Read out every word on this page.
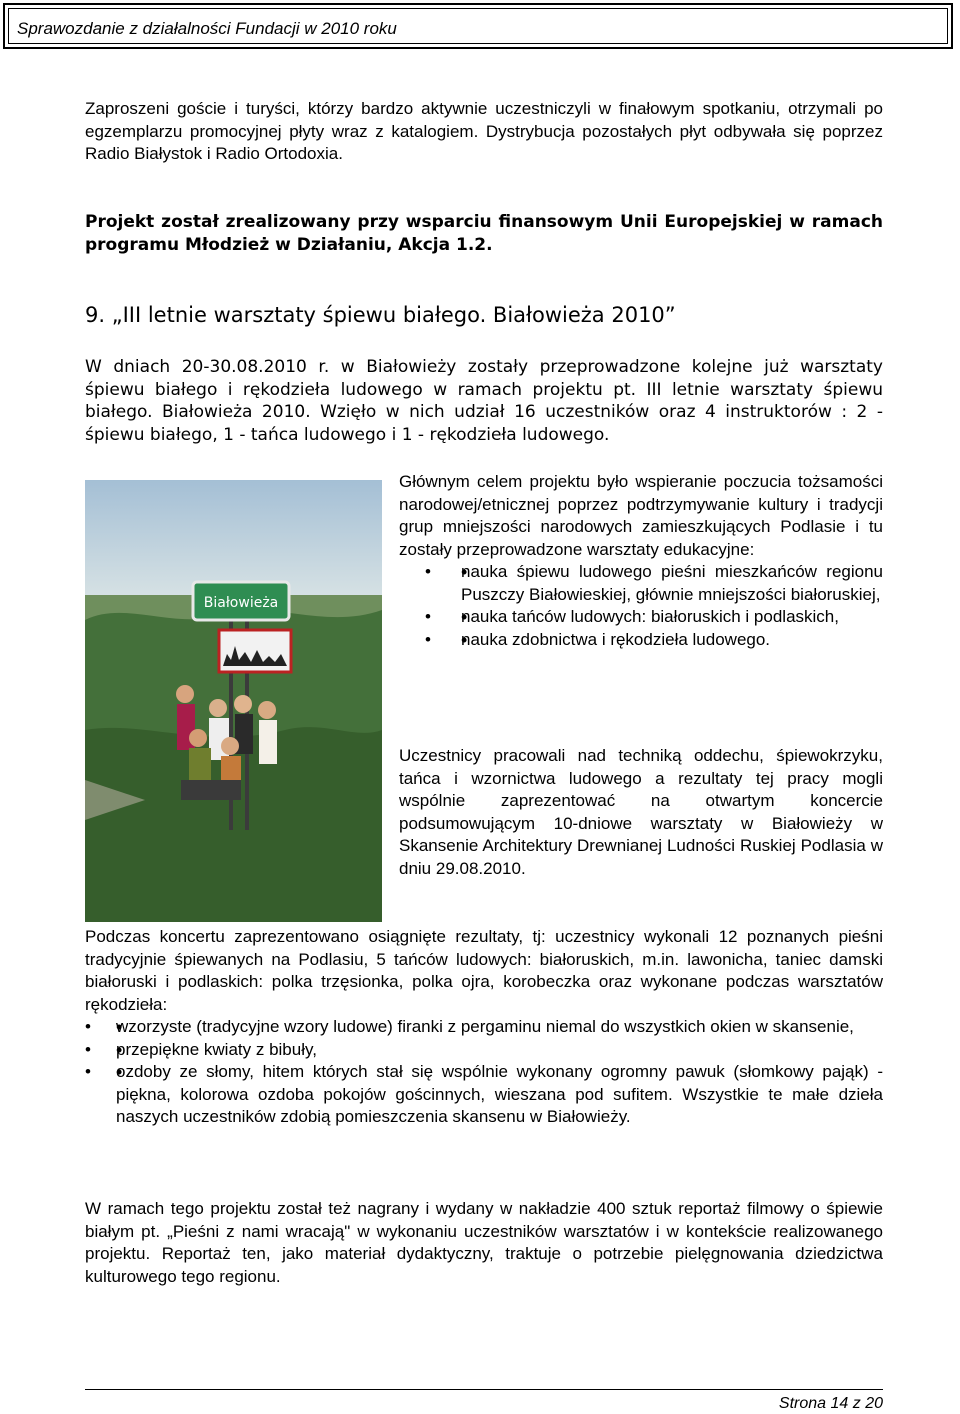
Sprawozdanie z działalności Fundacji w 2010 roku

Zaproszeni goście i turyści, którzy bardzo aktywnie uczestniczyli w finałowym spotkaniu, otrzymali po egzemplarzu promocyjnej płyty wraz z katalogiem. Dystrybucja pozostałych płyt odbywała się poprzez Radio Białystok i Radio Ortodoxia.

Projekt został zrealizowany przy wsparciu finansowym Unii Europejskiej w ramach programu Młodzież w Działaniu, Akcja 1.2.

9. „III letnie warsztaty śpiewu białego. Białowieża 2010”

W dniach 20-30.08.2010 r. w Białowieży zostały przeprowadzone kolejne już warsztaty śpiewu białego i rękodzieła ludowego w ramach projektu pt. III letnie warsztaty śpiewu białego. Białowieża 2010. Wzięło w nich udział 16 uczestników oraz 4 instruktorów : 2 - śpiewu białego, 1 - tańca ludowego i 1 - rękodzieła ludowego.

Białowieża

Głównym celem projektu było wspieranie poczucia tożsamości narodowej/etnicznej poprzez podtrzymywanie kultury i tradycji grup mniejszości narodowych zamieszkujących Podlasie i tu zostały przeprowadzone warsztaty edukacyjne:

• • nauka śpiewu ludowego pieśni mieszkańców regionu Puszczy Białowieskiej, głównie mniejszości białoruskiej,
• • nauka tańców ludowych: białoruskich i podlaskich,
• • nauka zdobnictwa i rękodzieła ludowego.

Uczestnicy pracowali nad techniką oddechu, śpiewokrzyku, tańca i wzornictwa ludowego a rezultaty tej pracy mogli wspólnie zaprezentować na otwartym koncercie podsumowującym 10-dniowe warsztaty w Białowieży w Skansenie Architektury Drewnianej Ludności Ruskiej Podlasia w dniu 29.08.2010.

Podczas koncertu zaprezentowano osiągnięte rezultaty, tj: uczestnicy wykonali 12 poznanych pieśni tradycyjnie śpiewanych na Podlasiu, 5 tańców ludowych: białoruskich, m.in. lawonicha, taniec damski białoruski i podlaskich: polka trzęsionka, polka ojra, korobeczka oraz wykonane podczas warsztatów rękodzieła:

• • wzorzyste (tradycyjne wzory ludowe) firanki z pergaminu niemal do wszystkich okien w skansenie,
• • przepiękne kwiaty z bibuły,
• • ozdoby ze słomy, hitem których stał się wspólnie wykonany ogromny pawuk (słomkowy pająk) - piękna, kolorowa ozdoba pokojów gościnnych, wieszana pod sufitem. Wszystkie te małe dzieła naszych uczestników zdobią pomieszczenia skansenu w Białowieży.

W ramach tego projektu został też nagrany i wydany w nakładzie 400 sztuk reportaż filmowy o śpiewie białym pt. „Pieśni z nami wracają" w wykonaniu uczestników warsztatów i w kontekście realizowanego projektu. Reportaż ten, jako materiał dydaktyczny, traktuje o potrzebie pielęgnowania dziedzictwa kulturowego tego regionu.

Strona 14 z 20
